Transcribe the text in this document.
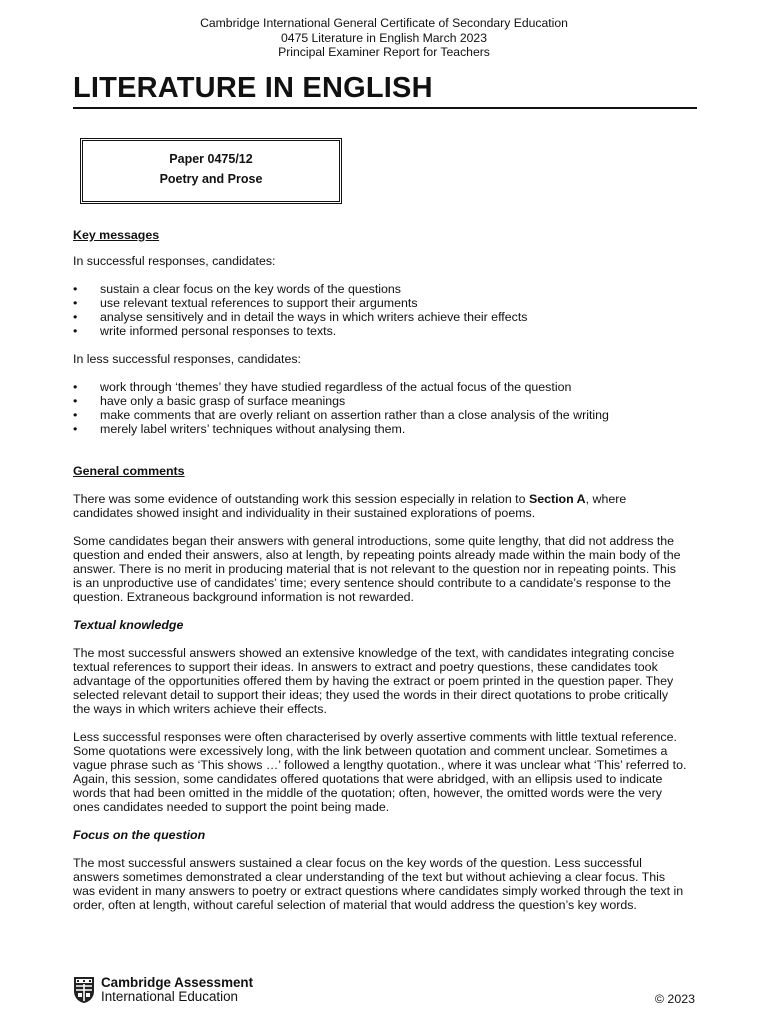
Cambridge International General Certificate of Secondary Education
0475 Literature in English March 2023
Principal Examiner Report for Teachers
LITERATURE IN ENGLISH
Paper 0475/12
Poetry and Prose
Key messages

In successful responses, candidates:

• sustain a clear focus on the key words of the questions
• use relevant textual references to support their arguments
• analyse sensitively and in detail the ways in which writers achieve their effects
• write informed personal responses to texts.

In less successful responses, candidates:

• work through ‘themes’ they have studied regardless of the actual focus of the question
• have only a basic grasp of surface meanings
• make comments that are overly reliant on assertion rather than a close analysis of the writing
• merely label writers’ techniques without analysing them.
General comments

There was some evidence of outstanding work this session especially in relation to Section A, where candidates showed insight and individuality in their sustained explorations of poems.

Some candidates began their answers with general introductions, some quite lengthy, that did not address the question and ended their answers, also at length, by repeating points already made within the main body of the answer. There is no merit in producing material that is not relevant to the question nor in repeating points. This is an unproductive use of candidates’ time; every sentence should contribute to a candidate’s response to the question. Extraneous background information is not rewarded.

Textual knowledge

The most successful answers showed an extensive knowledge of the text, with candidates integrating concise textual references to support their ideas. In answers to extract and poetry questions, these candidates took advantage of the opportunities offered them by having the extract or poem printed in the question paper. They selected relevant detail to support their ideas; they used the words in their direct quotations to probe critically the ways in which writers achieve their effects.

Less successful responses were often characterised by overly assertive comments with little textual reference. Some quotations were excessively long, with the link between quotation and comment unclear. Sometimes a vague phrase such as ‘This shows …’ followed a lengthy quotation., where it was unclear what ‘This’ referred to. Again, this session, some candidates offered quotations that were abridged, with an ellipsis used to indicate words that had been omitted in the middle of the quotation; often, however, the omitted words were the very ones candidates needed to support the point being made.

Focus on the question

The most successful answers sustained a clear focus on the key words of the question. Less successful answers sometimes demonstrated a clear understanding of the text but without achieving a clear focus. This was evident in many answers to poetry or extract questions where candidates simply worked through the text in order, often at length, without careful selection of material that would address the question’s key words.

Cambridge Assessment
International Education	© 2023
